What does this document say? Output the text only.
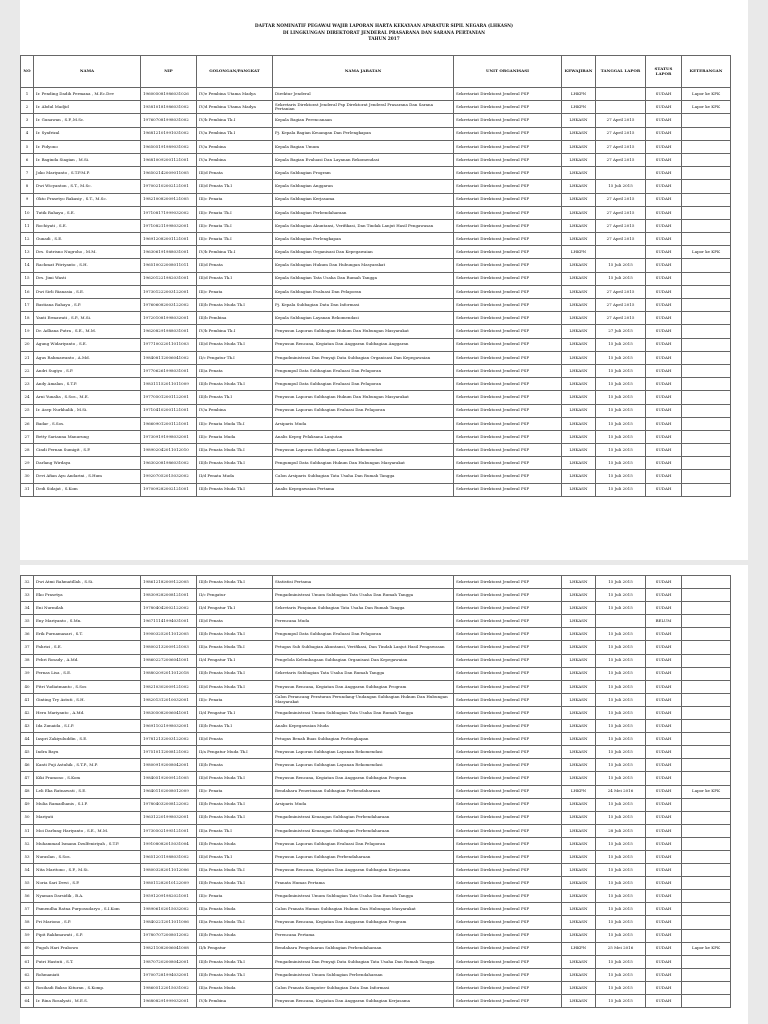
DAFTAR NOMINATIF PEGAWAI WAJIB LAPORAN HARTA KEKAYAAN APARATUR SIPIL NEGARA (LHKASN)
DI LINGKUNGAN DIREKTORAT JENDERAL PRASARANA DAN SARANA PERTANIAN
TAHUN 2017
NO	NAMA	NIP	GOLONGAN/PANGKAT	NAMA JABATAN	UNIT ORGANISASI	KEWAJIBAN	TANGGAL LAPOR	STATUS LAPOR	KETERANGAN
1	Ir. Pending Dadih Permana , M.Ec.Dev	196005081986031026	IV/e Pembina Utama Madya	Direktur Jenderal	Sekretariat Direktorat Jenderal PSP	LHKPN		SUDAH	Lapor ke KPK
2	Ir. Abdul Madjid	195810181986031002	IV/d Pembina Utama Madya	Sekretaris Direktorat Jenderal Psp Direktorat Jenderal Prasarana Dan Sarana Pertanian	Sekretariat Direktorat Jenderal PSP	LHKPN		SUDAH	Lapor ke KPK
3	Ir. Gunawan , S.P.,M.Sc.	197607081998031002	IV/b Pembina Tk.I	Kepala Bagian Perencanaan	Sekretariat Direktorat Jenderal PSP	LHKASN	27 April 2015	SUDAH	
4	Ir. Syafrizal	196812101991031002	IV/a Pembina Tk.I	Pj. Kepala Bagian Keuangan Dan Perlengkapan	Sekretariat Direktorat Jenderal PSP	LHKASN	27 April 2015	SUDAH	
5	Ir. Pidyono	196505191989031002	IV/a Pembina	Kepala Bagian Umum	Sekretariat Direktorat Jenderal PSP	LHKASN	27 April 2015	SUDAH	
6	Ir. Baginda Siagian , M.Si.	196810092001121001	IV/a Pembina	Kepala Bagian Evaluasi Dan Layanan Rekomendasi	Sekretariat Direktorat Jenderal PSP	LHKASN	27 April 2015	SUDAH	
7	Joko Mariyanto , S.T.P.M.P.	196502142009011005	III/d Penata	Kepala Subbagian Program	Sekretariat Direktorat Jenderal PSP	LHKASN		SUDAH	
8	Dwi Wicyanton , S.T., M.Sc.	197002102002121001	III/d Penata Tk.I	Kepala Subbagian Anggaran	Sekretariat Direktorat Jenderal PSP	LHKASN	15 Juli 2015	SUDAH	
9	Okto Prasetyo Rakasiy , S.T., M.Sc.	198210082009121005	III/c Penata	Kepala Subbagian Kerjasama	Sekretariat Direktorat Jenderal PSP	LHKASN	27 April 2015	SUDAH	
10	Tutik Rahayu , S.E.	197108171999032002	III/c Penata Tk.I	Kepala Subbagian Perbendaharaan	Sekretariat Direktorat Jenderal PSP	LHKASN	27 April 2015	SUDAH	
11	Rochiyati , S.E.	197108211998032001	III/c Penata Tk.I	Kepala Subbagian Akuntansi, Verifikasi, Dan Tindak Lanjut Hasil Pengawasan	Sekretariat Direktorat Jenderal PSP	LHKASN	27 April 2015	SUDAH	
12	Gunadi , S.E.	196912082001121001	III/c Penata Tk.I	Kepala Subbagian Perlengkapan	Sekretariat Direktorat Jenderal PSP	LHKASN	27 April 2015	SUDAH	
13	Drs. Sutrisno Nugroho , M.M.	196306191988031001	IV/b Pembina Tk.I	Kepala Subbagian Organisasi Dan Kepegawaian	Sekretariat Direktorat Jenderal PSP	LHKPN		SUDAH	Lapor ke KPK
14	Rachmat Fitriyanto , S.H.	196510022008011011	III/d Penata	Kepala Subbagian Hukum Dan Hubungan Masyarakat	Sekretariat Direktorat Jenderal PSP	LHKASN	15 Juli 2015	SUDAH	
15	Drs. Jimi Wasti	196201221982031001	III/d Penata Tk.I	Kepala Subbagian Tata Usaha Dan Rumah Tangga	Sekretariat Direktorat Jenderal PSP	LHKASN	15 Juli 2015	SUDAH	
16	Dwi Sirli Rianasia , S.E.	197301222003122001	III/c Penata	Kepala Subbagian Evaluasi Dan Pelaporan	Sekretariat Direktorat Jenderal PSP	LHKASN	27 April 2015	SUDAH	
17	Bastiana Rahayu , S.P.	197606082003122002	III/b Penata Muda Tk.I	Pj. Kepala Subbagian Data Dan Informasi	Sekretariat Direktorat Jenderal PSP	LHKASN	27 April 2015	SUDAH	
18	Yanti Ermawati , S.P., M.Si.	197201081998032001	III/b Pembina	Kepala Subbagian Layanan Rekomendasi	Sekretariat Direktorat Jenderal PSP	LHKASN	27 April 2015	SUDAH	
19	Dr. Adliana Putra , S.E., M.M.	196208291988031001	IV/b Pembina Tk.I	Penyusun Laporan Subbagian Hukum Dan Hubungan Masyarakat	Sekretariat Direktorat Jenderal PSP	LHKASN	27 Juli 2015	SUDAH	
20	Agung Widariyanto , S.E.	197710022011011003	III/d Penata Muda Tk.I	Penyusun Rencana, Kegiatan Dan Anggaran Subbagian Anggaran	Sekretariat Direktorat Jenderal PSP	LHKASN	15 Juli 2015	SUDAH	
21	Agus Rahmawanto , A.Md.	198408112006041002	II/c Pengatur Tk.I	Pengadministrasi Dan Penyaji Data Subbagian Organisasi Dan Kepegawaian	Sekretariat Direktorat Jenderal PSP	LHKASN	15 Juli 2015	SUDAH	
22	Andri Sugiyo , S.P.	197706261998031001	III/a Penata	Pengumpul Data Subbagian Evaluasi Dan Pelaporan	Sekretariat Direktorat Jenderal PSP	LHKASN	15 Juli 2015	SUDAH	
23	Andy Amalan , S.T.P.	198311152011011009	III/b Penata Muda Tk.I	Pengumpul Data Subbagian Evaluasi Dan Pelaporan	Sekretariat Direktorat Jenderal PSP	LHKASN	15 Juli 2015	SUDAH	
24	Arni Yunalia , S.Sos., M.E.	197705012001122001	III/b Penata Tk.I	Penyusun Laporan Subbagian Hukum Dan Hubungan Masyarakat	Sekretariat Direktorat Jenderal PSP	LHKASN	15 Juli 2015	SUDAH	
25	Ir. Asep Nurkhalik , M.Si.	197104102001121001	IV/a Pembina	Penyusun Laporan Subbagian Evaluasi Dan Pelaporan	Sekretariat Direktorat Jenderal PSP	LHKASN	15 Juli 2015	SUDAH	
26	Badar , S.Sos.	196609012001121001	III/c Penata Muda Tk.I	Arsiparis Muda	Sekretariat Direktorat Jenderal PSP	LHKASN	15 Juli 2015	SUDAH	
27	Betty Sarianna Manurung	197309191998032001	III/c Penata Muda	Analis Kepeg Pelaksana Lanjutan	Sekretariat Direktorat Jenderal PSP	LHKASN	15 Juli 2015	SUDAH	
28	Cindi Fernan Sumigit , S.P.	198902042011012010	III/a Penata Muda Tk.I	Penyusun Laporan Subbagian Layanan Rekomendasi	Sekretariat Direktorat Jenderal PSP	LHKASN	15 Juli 2015	SUDAH	
29	Darlang Wirdaya	196302081986031002	III/b Penata Muda Tk.I	Pengumpul Data Subbagian Hukum Dan Hubungan Masyarakat	Sekretariat Direktorat Jenderal PSP	LHKASN	15 Juli 2015	SUDAH	
30	Devi Afian Ayu Andarini , S.Hum	199207052015032002	II/d Penata Muda	Calon Arsiparis Subbagian Tata Usaha Dan Rumah Tangga	Sekretariat Direktorat Jenderal PSP	LHKASN	15 Juli 2015	SUDAH	
31	Dedi Sidajat , S.Kom	197009282002121001	III/b Penata Muda Tk.I	Analis Kepegawaian Pertama	Sekretariat Direktorat Jenderal PSP	LHKASN	15 Juli 2015	SUDAH	
32	Dwi Atmi Rahmatillah , S.Si.	198612182009122005	III/b Penata Muda Tk.I	Statistisi Pertama	Sekretariat Direktorat Jenderal PSP	LHKASN	15 Juli 2015	SUDAH	
33	Eko Prasetya	198309282008121001	II/c Pengatur	Pengadministrasi Umum Subbagian Tata Usaha Dan Rumah Tangga	Sekretariat Direktorat Jenderal PSP	LHKASN	15 Juli 2015	SUDAH	
34	Eni Nurmilah	197804042002122002	II/d Pengatur Tk.I	Sekretaris Pimpinan Subbagian Tata Usaha Dan Rumah Tangga	Sekretariat Direktorat Jenderal PSP	LHKASN	15 Juli 2015	SUDAH	
35	Eny Mariyanto , S.Mn.	196711141994031001	III/d Penata	Perencana Muda	Sekretariat Direktorat Jenderal PSP	LHKASN		BELUM	
36	Erik Purnamasari , S.T.	199003252011012005	III/b Penata Muda Tk.I	Pengumpul Data Subbagian Evaluasi Dan Pelaporan	Sekretariat Direktorat Jenderal PSP	LHKASN	15 Juli 2015	SUDAH	
37	Fahrizi , S.E.	198002132009121003	III/a Penata Muda Tk.I	Petugas Sub Subbagian Akuntansi, Verifikasi, Dan Tindak Lanjut Hasil Pengawasan	Sekretariat Direktorat Jenderal PSP	LHKASN	15 Juli 2015	SUDAH	
38	Febri Rosady , A.Md.	198602272006041001	II/d Pengatur Tk.I	Pengelola Kelembagaan Subbagian Organisasi Dan Kepegawaian	Sekretariat Direktorat Jenderal PSP	LHKASN	15 Juli 2015	SUDAH	
39	Fernas Lisa , S.E.	198802092011012018	III/b Penata Muda Tk.I	Sekretaris Subbagian Tata Usaha Dan Rumah Tangga	Sekretariat Direktorat Jenderal PSP	LHKASN	15 Juli 2015	SUDAH	
40	Fitri Yudiatmanto , S.Sos	198210302009121002	III/d Penata Muda Tk.I	Penyusun Rencana, Kegiatan Dan Anggaran Subbagian Program	Sekretariat Direktorat Jenderal PSP	LHKASN	15 Juli 2015	SUDAH	
41	Ginting Try Astuti , S.H.	198201312010032001	III/c Penata	Calon Perancang Peraturan Perundang-Undangan Subbagian Hukum Dan Hubungan Masyarakat	Sekretariat Direktorat Jenderal PSP	LHKASN	15 Juli 2015	SUDAH	
42	Heru Mariyanto , A.Md.	198305082006041001	II/d Pengatur Tk.I	Pengadministrasi Umum Subbagian Tata Usaha Dan Rumah Tangga	Sekretariat Direktorat Jenderal PSP	LHKASN	15 Juli 2015	SUDAH	
43	Ida Zunaida , S.I.P.	196911021998032001	III/b Penata Tk.I	Analis Kepegawaian Muda	Sekretariat Direktorat Jenderal PSP	LHKASN	15 Juli 2015	SUDAH	
44	Iaspri Zakiyuluddin , S.E.	197812132003122002	III/d Penata	Petugas Benah Buas Subbagian Perlengkapan	Sekretariat Direktorat Jenderal PSP	LHKASN	15 Juli 2015	SUDAH	
45	Indra Bayu	197510112008121002	II/a Pengatur Muda Tk.I	Penyusun Laporan Subbagian Layanan Rekomendasi	Sekretariat Direktorat Jenderal PSP	LHKASN	15 Juli 2015	SUDAH	
46	Kanti Puji Astuhik , S.T.P., M.P.	198009192008042001	III/b Penata	Penyusun Laporan Subbagian Layanan Rekomendasi	Sekretariat Direktorat Jenderal PSP	LHKASN	15 Juli 2015	SUDAH	
47	Kiki Pramono , S.Kom	198405192009121005	III/d Penata Muda Tk.I	Penyusun Rencana, Kegiatan Dan Anggaran Subbagian Program	Sekretariat Direktorat Jenderal PSP	LHKASN	15 Juli 2015	SUDAH	
48	Leli Eka Ratnawati , S.E.	196401102008012009	III/c Penata	Bendahara Penerimaan Subbagian Perbendaharaan	Sekretariat Direktorat Jenderal PSP	LHKPN	24 Mei 2016	SUDAH	Lapor ke KPK
49	Mulia Ramadhanis , S.I.P.	197804032008122002	III/b Penata Muda Tk.I	Arsiparis Muda	Sekretariat Direktorat Jenderal PSP	LHKASN	15 Juli 2015	SUDAH	
50	Mariyati	196312201998032001	III/b Penata Muda Tk.I	Pengadministrasi Keuangan Subbagian Perbendaharaan	Sekretariat Direktorat Jenderal PSP	LHKASN	15 Juli 2015	SUDAH	
51	Moi Darlung Hariyanto , S.E., M.M.	197305021995121001	III/a Penata Tk.I	Pengadministrasi Keuangan Subbagian Perbendaharaan	Sekretariat Direktorat Jenderal PSP	LHKASN	28 Juli 2015	SUDAH	
52	Muhammad Ismanu Dzulfeniriyah , S.T.P.	199108082015031004	III/b Penata Muda	Penyusun Laporan Subbagian Evaluasi Dan Pelaporan	Sekretariat Direktorat Jenderal PSP	LHKASN	15 Juli 2015	SUDAH	
53	Nuraslan , S.Sos.	196512011988031002	III/d Penata Tk.I	Penyusun Laporan Subbagian Perbendaharaan	Sekretariat Direktorat Jenderal PSP	LHKASN	15 Juli 2015	SUDAH	
54	Nita Maritono , S.P., M.Si.	198003282011012006	III/a Penata Muda Tk.I	Penyusun Rencana, Kegiatan Dan Anggaran Subbagian Kerjasama	Sekretariat Direktorat Jenderal PSP	LHKASN	15 Juli 2015	SUDAH	
55	Noria Sari Dewi , S.P.	198011282010122009	III/b Penata Muda Tk.I	Pranata Humas Pertama	Sekretariat Direktorat Jenderal PSP	LHKASN	15 Juli 2015	SUDAH	
56	Nyaman Darsidik , B.A.	195912091982021001	III/c Penata	Pengadministrasi Umum Subbagian Tata Usaha Dan Rumah Tangga	Sekretariat Direktorat Jenderal PSP	LHKASN	15 Juli 2015	SUDAH	
57	Pamendha Ratna Purposudaryo , S.I.Kom	198906102015032002	III/a Penata Muda	Calon Pranata Humas Subbagian Hukum Dan Hubungan Masyarakat	Sekretariat Direktorat Jenderal PSP	LHKASN	15 Juli 2015	SUDAH	
58	Pri Mariono , S.P.	198402212011011006	III/a Penata Muda Tk.I	Penyusun Rencana, Kegiatan Dan Anggaran Subbagian Program	Sekretariat Direktorat Jenderal PSP	LHKASN	15 Juli 2015	SUDAH	
59	Pipit Rakhmawati , S.P.	197807072008012002	III/b Penata Muda	Perencana Pertama	Sekretariat Direktorat Jenderal PSP	LHKASN	15 Juli 2015	SUDAH	
60	Pugoh Hari Prabowo	198211082006041008	II/b Pengatur	Bendahara Pengeluaran Subbagian Perbendaharaan	Sekretariat Direktorat Jenderal PSP	LHKPN	25 Mei 2016	SUDAH	Lapor ke KPK
61	Putri Hastuti , S.T.	198707202008042001	III/b Penata Muda Tk.I	Pengadministrasi Dan Penyaji Data Subbagian Tata Usaha Dan Rumah Tangga	Sekretariat Direktorat Jenderal PSP	LHKASN	15 Juli 2015	SUDAH	
62	Rohmaniati	197007281994032001	III/b Penata Muda Tk.I	Pengadministrasi Umum Subbagian Perbendaharaan	Sekretariat Direktorat Jenderal PSP	LHKASN	15 Juli 2015	SUDAH	
63	Rosihadi Bakso Kituran , S.Komp.	198605122015031002	III/a Penata Muda	Calon Pranata Komputer Subbagian Data Dan Informasi	Sekretariat Direktorat Jenderal PSP	LHKASN	15 Juli 2015	SUDAH	
64	Ir. Rina Rosalyati , M.E.S.	196808291999032001	IV/b Pembina	Penyusun Rencana, Kegiatan Dan Anggaran Subbagian Kerjasama	Sekretariat Direktorat Jenderal PSP	LHKASN	15 Juli 2015	SUDAH	
